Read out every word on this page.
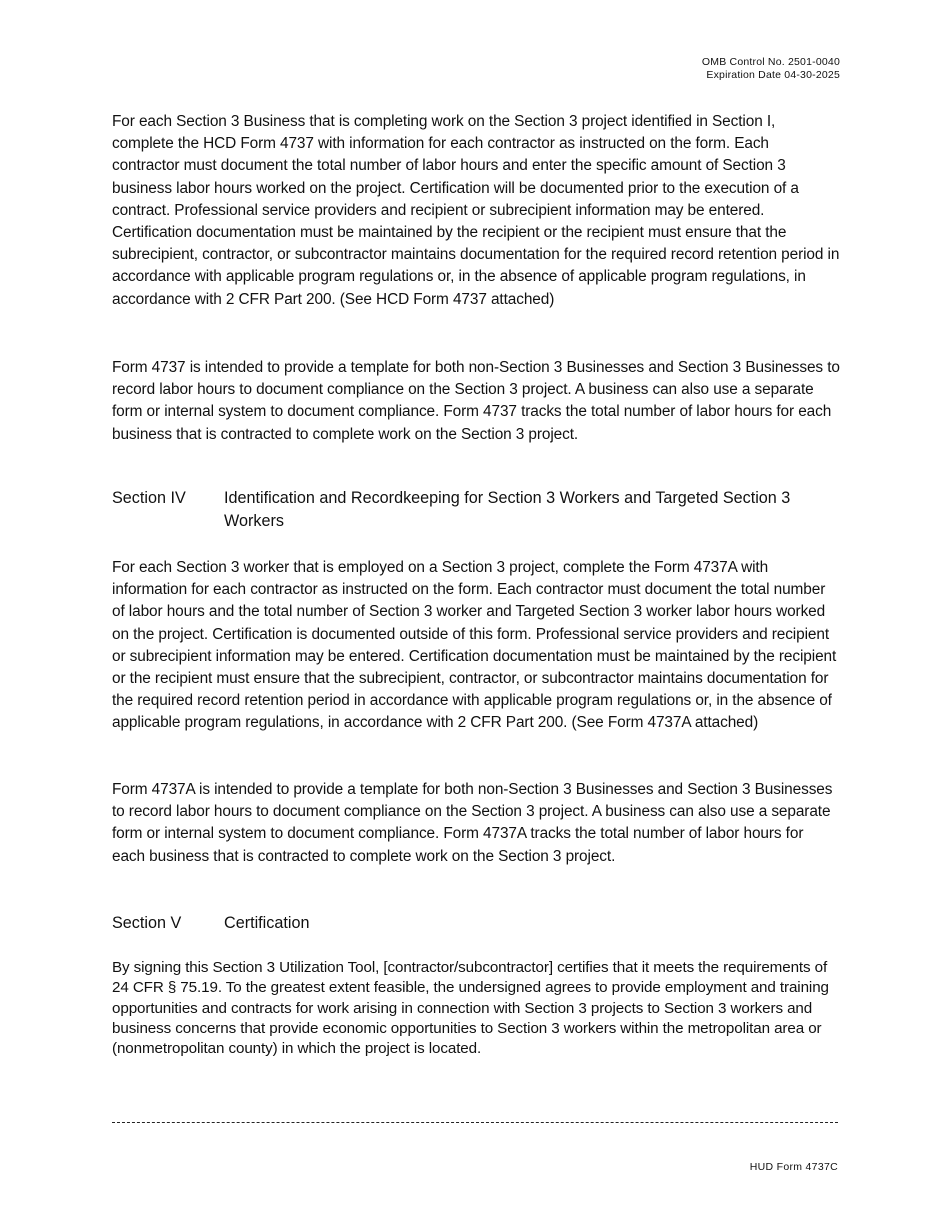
OMB Control No. 2501-0040
Expiration Date 04-30-2025
For each Section 3 Business that is completing work on the Section 3 project identified in Section I, complete the HCD Form 4737 with information for each contractor as instructed on the form. Each contractor must document the total number of labor hours and enter the specific amount of Section 3 business labor hours worked on the project. Certification will be documented prior to the execution of a contract. Professional service providers and recipient or subrecipient information may be entered. Certification documentation must be maintained by the recipient or the recipient must ensure that the subrecipient, contractor, or subcontractor maintains documentation for the required record retention period in accordance with applicable program regulations or, in the absence of applicable program regulations, in accordance with 2 CFR Part 200. (See HCD Form 4737 attached)
Form 4737 is intended to provide a template for both non-Section 3 Businesses and Section 3 Businesses to record labor hours to document compliance on the Section 3 project. A business can also use a separate form or internal system to document compliance. Form 4737 tracks the total number of labor hours for each business that is contracted to complete work on the Section 3 project.
Section IV	Identification and Recordkeeping for Section 3 Workers and Targeted Section 3 Workers
For each Section 3 worker that is employed on a Section 3 project, complete the Form 4737A with information for each contractor as instructed on the form. Each contractor must document the total number of labor hours and the total number of Section 3 worker and Targeted Section 3 worker labor hours worked on the project. Certification is documented outside of this form. Professional service providers and recipient or subrecipient information may be entered. Certification documentation must be maintained by the recipient or the recipient must ensure that the subrecipient, contractor, or subcontractor maintains documentation for the required record retention period in accordance with applicable program regulations or, in the absence of applicable program regulations, in accordance with 2 CFR Part 200. (See Form 4737A attached)
Form 4737A is intended to provide a template for both non-Section 3 Businesses and Section 3 Businesses to record labor hours to document compliance on the Section 3 project. A business can also use a separate form or internal system to document compliance. Form 4737A tracks the total number of labor hours for each business that is contracted to complete work on the Section 3 project.
Section V	Certification
By signing this Section 3 Utilization Tool, [contractor/subcontractor] certifies that it meets the requirements of 24 CFR § 75.19. To the greatest extent feasible, the undersigned agrees to provide employment and training opportunities and contracts for work arising in connection with Section 3 projects to Section 3 workers and business concerns that provide economic opportunities to Section 3 workers within the metropolitan area or (nonmetropolitan county) in which the project is located.
HUD Form 4737C
